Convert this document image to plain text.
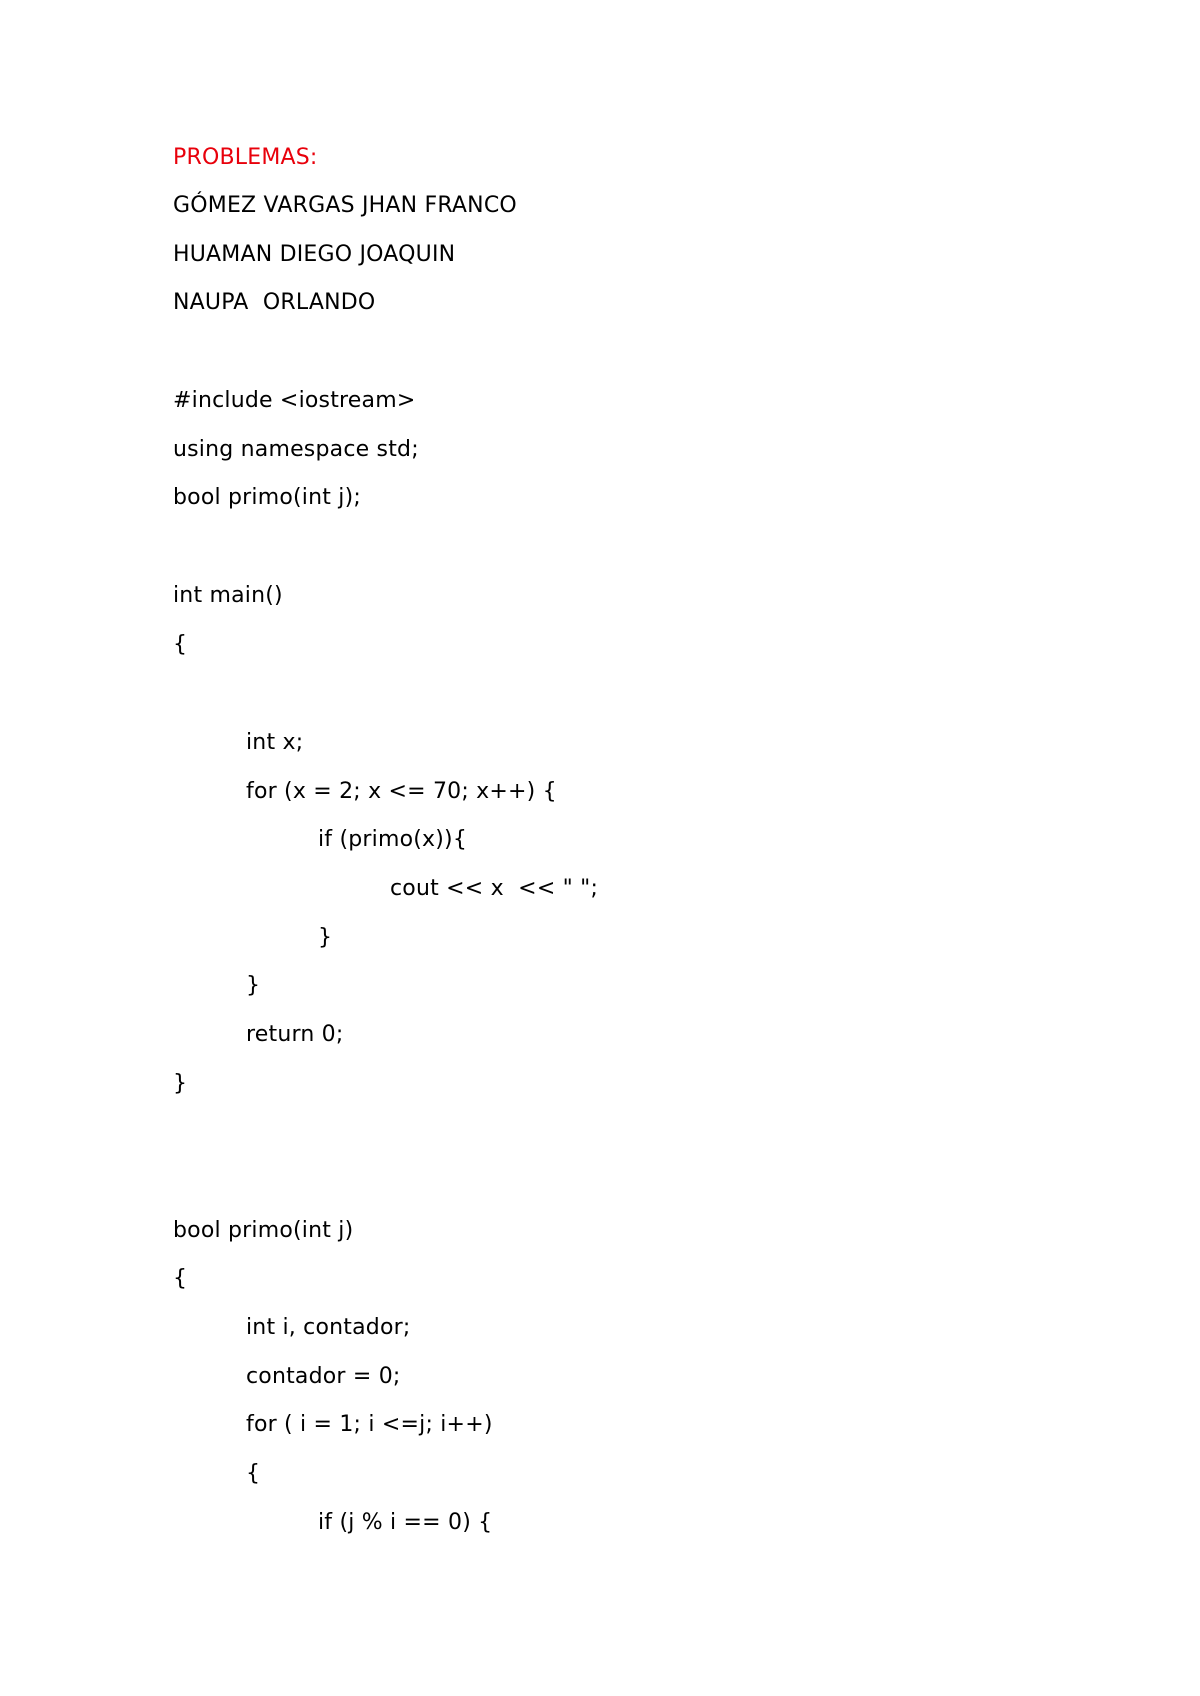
PROBLEMAS:
GÓMEZ VARGAS JHAN FRANCO
HUAMAN DIEGO JOAQUIN
NAUPA  ORLANDO
#include <iostream>
using namespace std;
bool primo(int j);
int main()
{
int x;
for (x = 2; x <= 70; x++) {
if (primo(x)){
cout << x  << " ";
}
}
return 0;
}
bool primo(int j)
{
int i, contador;
contador = 0;
for ( i = 1; i <=j; i++)
{
if (j % i == 0) {
